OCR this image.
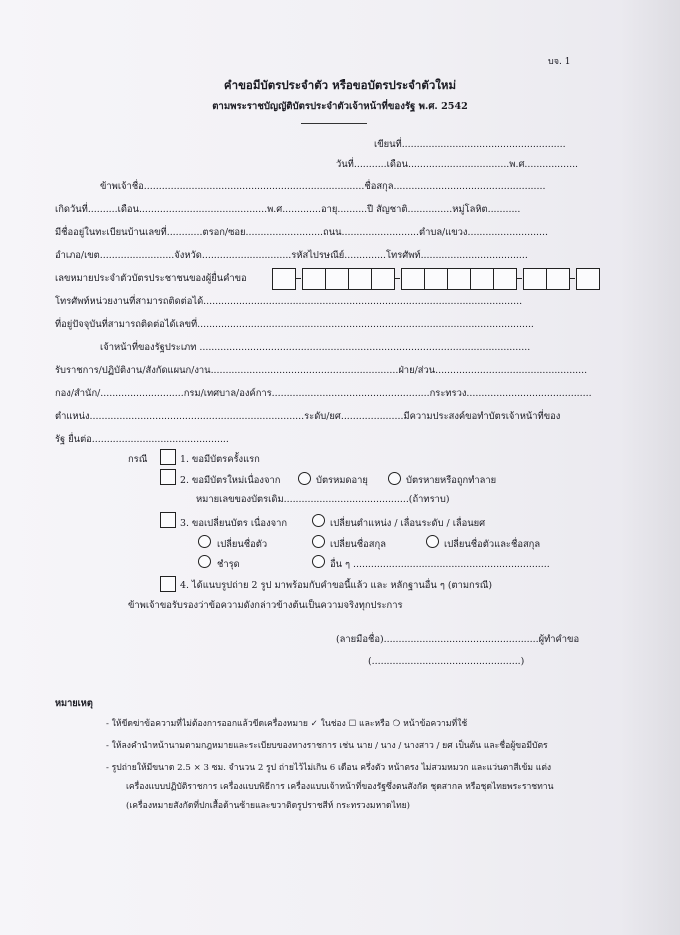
บจ. 1
คำขอมีบัตรประจำตัว หรือขอบัตรประจำตัวใหม่
ตามพระราชบัญญัติบัตรประจำตัวเจ้าหน้าที่ของรัฐ พ.ศ. 2542
เขียนที่.......................................................
วันที่...........เดือน..................................พ.ศ..................
ข้าพเจ้าชื่อ..........................................................................ชื่อสกุล...................................................
เกิดวันที่..........เดือน...........................................พ.ศ.............อายุ..........ปี สัญชาติ...............หมู่โลหิต...........
มีชื่ออยู่ในทะเบียนบ้านเลขที่............ตรอก/ซอย..........................ถนน..........................ตำบล/แขวง...........................
อำเภอ/เขต.........................จังหวัด..............................รหัสไปรษณีย์..............โทรศัพท์....................................
เลขหมายประจำตัวบัตรประชาชนของผู้ยื่นคำขอ
โทรศัพท์หน่วยงานที่สามารถติดต่อได้...........................................................................................................
ที่อยู่ปัจจุบันที่สามารถติดต่อได้เลขที่.................................................................................................................
เจ้าหน้าที่ของรัฐประเภท ...............................................................................................................
รับราชการ/ปฏิบัติงาน/สังกัดแผนก/งาน...............................................................ฝ่าย/ส่วน...................................................
กอง/สำนัก/............................กรม/เทศบาล/องค์การ.....................................................กระทรวง..........................................
ตำแหน่ง........................................................................ระดับ/ยศ.....................มีความประสงค์ขอทำบัตรเจ้าหน้าที่ของ
รัฐ ยื่นต่อ..............................................
กรณี	1. ขอมีบัตรครั้งแรก
2. ขอมีบัตรใหม่เนื่องจาก	บัตรหมดอายุ	บัตรหายหรือถูกทำลาย
หมายเลขของบัตรเดิม..........................................(ถ้าทราบ)
3. ขอเปลี่ยนบัตร เนื่องจาก	เปลี่ยนตำแหน่ง / เลื่อนระดับ / เลื่อนยศ
เปลี่ยนชื่อตัว	เปลี่ยนชื่อสกุล	เปลี่ยนชื่อตัวและชื่อสกุล
ชำรุด	อื่น ๆ ..................................................................
4. ได้แนบรูปถ่าย 2 รูป มาพร้อมกับคำขอนี้แล้ว และ หลักฐานอื่น ๆ (ตามกรณี)
ข้าพเจ้าขอรับรองว่าข้อความดังกล่าวข้างต้นเป็นความจริงทุกประการ
(ลายมือชื่อ)....................................................ผู้ทำคำขอ
(..................................................)
หมายเหตุ
- ให้ขีดฆ่าข้อความที่ไม่ต้องการออกแล้วขีดเครื่องหมาย ✓ ในช่อง ☐ และหรือ ❍ หน้าข้อความที่ใช้
- ให้ลงคำนำหน้านามตามกฎหมายและระเบียบของทางราชการ เช่น นาย / นาง / นางสาว / ยศ เป็นต้น และชื่อผู้ขอมีบัตร
- รูปถ่ายให้มีขนาด 2.5 × 3 ซม. จำนวน 2 รูป ถ่ายไว้ไม่เกิน 6 เดือน ครึ่งตัว หน้าตรง ไม่สวมหมวก และแว่นตาสีเข้ม แต่ง
เครื่องแบบปฏิบัติราชการ เครื่องแบบพิธีการ เครื่องแบบเจ้าหน้าที่ของรัฐซึ่งตนสังกัด ชุดสากล หรือชุดไทยพระราชทาน
(เครื่องหมายสังกัดที่ปกเสื้อด้านซ้ายและขวาติดรูปราชสีห์ กระทรวงมหาดไทย)
